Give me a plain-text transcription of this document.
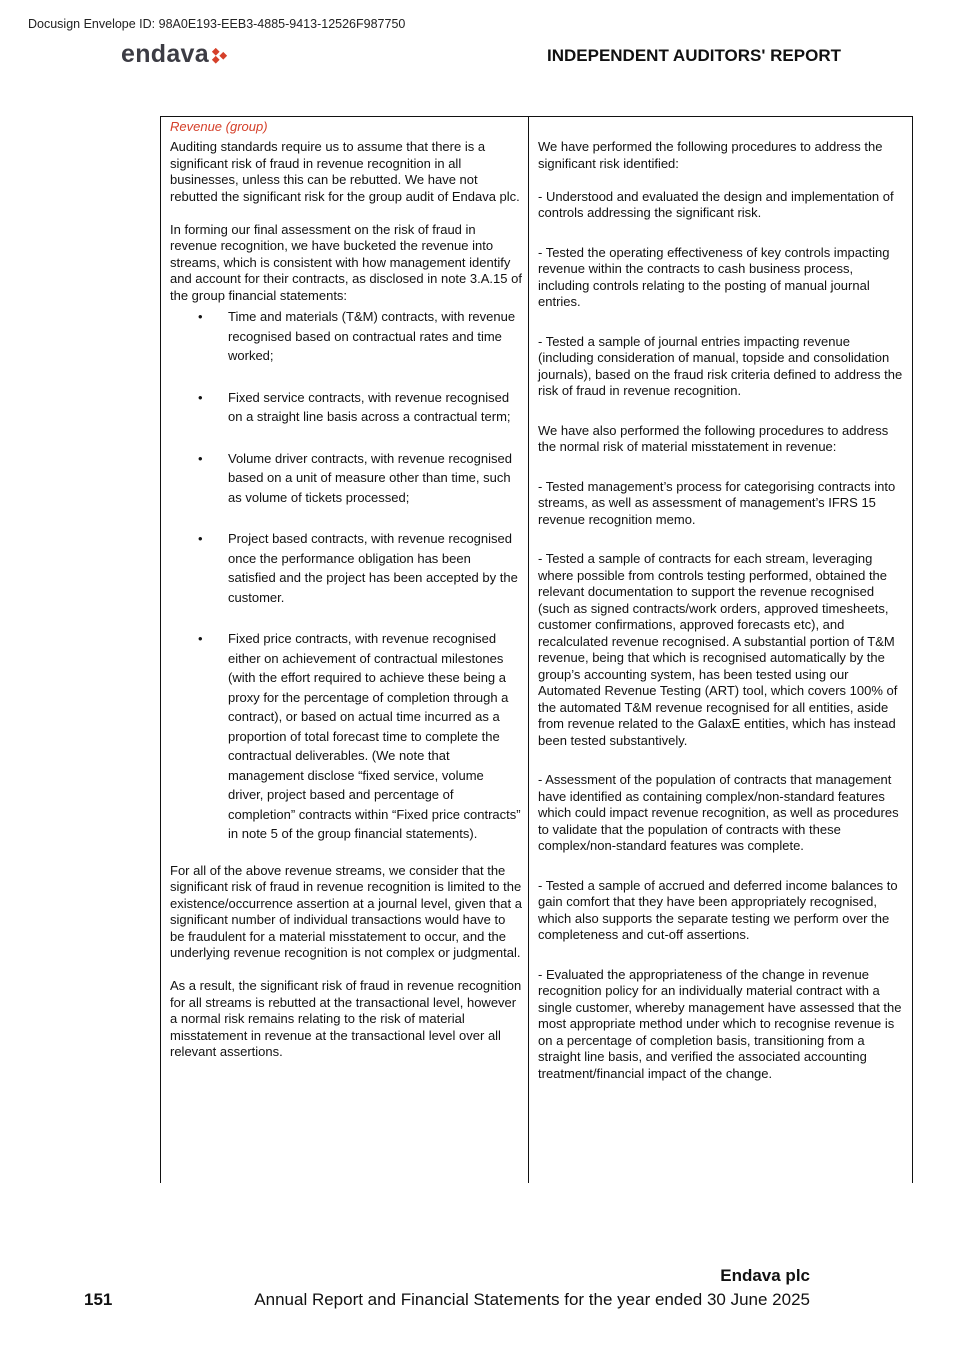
Docusign Envelope ID: 98A0E193-EEB3-4885-9413-12526F987750
endava	INDEPENDENT AUDITORS' REPORT
Revenue (group)

Auditing standards require us to assume that there is a significant risk of fraud in revenue recognition in all businesses, unless this can be rebutted. We have not rebutted the significant risk for the group audit of Endava plc.

In forming our final assessment on the risk of fraud in revenue recognition, we have bucketed the revenue into streams, which is consistent with how management identify and account for their contracts, as disclosed in note 3.A.15 of the group financial statements:

• Time and materials (T&M) contracts, with revenue recognised based on contractual rates and time worked;
• Fixed service contracts, with revenue recognised on a straight line basis across a contractual term;
• Volume driver contracts, with revenue recognised based on a unit of measure other than time, such as volume of tickets processed;
• Project based contracts, with revenue recognised once the performance obligation has been satisfied and the project has been accepted by the customer.
• Fixed price contracts, with revenue recognised either on achievement of contractual milestones (with the effort required to achieve these being a proxy for the percentage of completion through a contract), or based on actual time incurred as a proportion of total forecast time to complete the contractual deliverables. (We note that management disclose “fixed service, volume driver, project based and percentage of completion” contracts within “Fixed price contracts” in note 5 of the group financial statements).

For all of the above revenue streams, we consider that the significant risk of fraud in revenue recognition is limited to the existence/occurrence assertion at a journal level, given that a significant number of individual transactions would have to be fraudulent for a material misstatement to occur, and the underlying revenue recognition is not complex or judgmental.

As a result, the significant risk of fraud in revenue recognition for all streams is rebutted at the transactional level, however a normal risk remains relating to the risk of material misstatement in revenue at the transactional level over all relevant assertions.

We have performed the following procedures to address the significant risk identified:

- Understood and evaluated the design and implementation of controls addressing the significant risk.

- Tested the operating effectiveness of key controls impacting revenue within the contracts to cash business process, including controls relating to the posting of manual journal entries.

- Tested a sample of journal entries impacting revenue (including consideration of manual, topside and consolidation journals), based on the fraud risk criteria defined to address the risk of fraud in revenue recognition.

We have also performed the following procedures to address the normal risk of material misstatement in revenue:

- Tested management’s process for categorising contracts into streams, as well as assessment of management’s IFRS 15 revenue recognition memo.

- Tested a sample of contracts for each stream, leveraging where possible from controls testing performed, obtained the relevant documentation to support the revenue recognised (such as signed contracts/work orders, approved timesheets, customer confirmations, approved forecasts etc), and recalculated revenue recognised. A substantial portion of T&M revenue, being that which is recognised automatically by the group’s accounting system, has been tested using our Automated Revenue Testing (ART) tool, which covers 100% of the automated T&M revenue recognised for all entities, aside from revenue related to the GalaxE entities, which has instead been tested substantively.

- Assessment of the population of contracts that management have identified as containing complex/non-standard features which could impact revenue recognition, as well as procedures to validate that the population of contracts with these complex/non-standard features was complete.

- Tested a sample of accrued and deferred income balances to gain comfort that they have been appropriately recognised, which also supports the separate testing we perform over the completeness and cut-off assertions.

- Evaluated the appropriateness of the change in revenue recognition policy for an individually material contract with a single customer, whereby management have assessed that the most appropriate method under which to recognise revenue is on a percentage of completion basis, transitioning from a straight line basis, and verified the associated accounting treatment/financial impact of the change.

Endava plc
151	Annual Report and Financial Statements for the year ended 30 June 2025
